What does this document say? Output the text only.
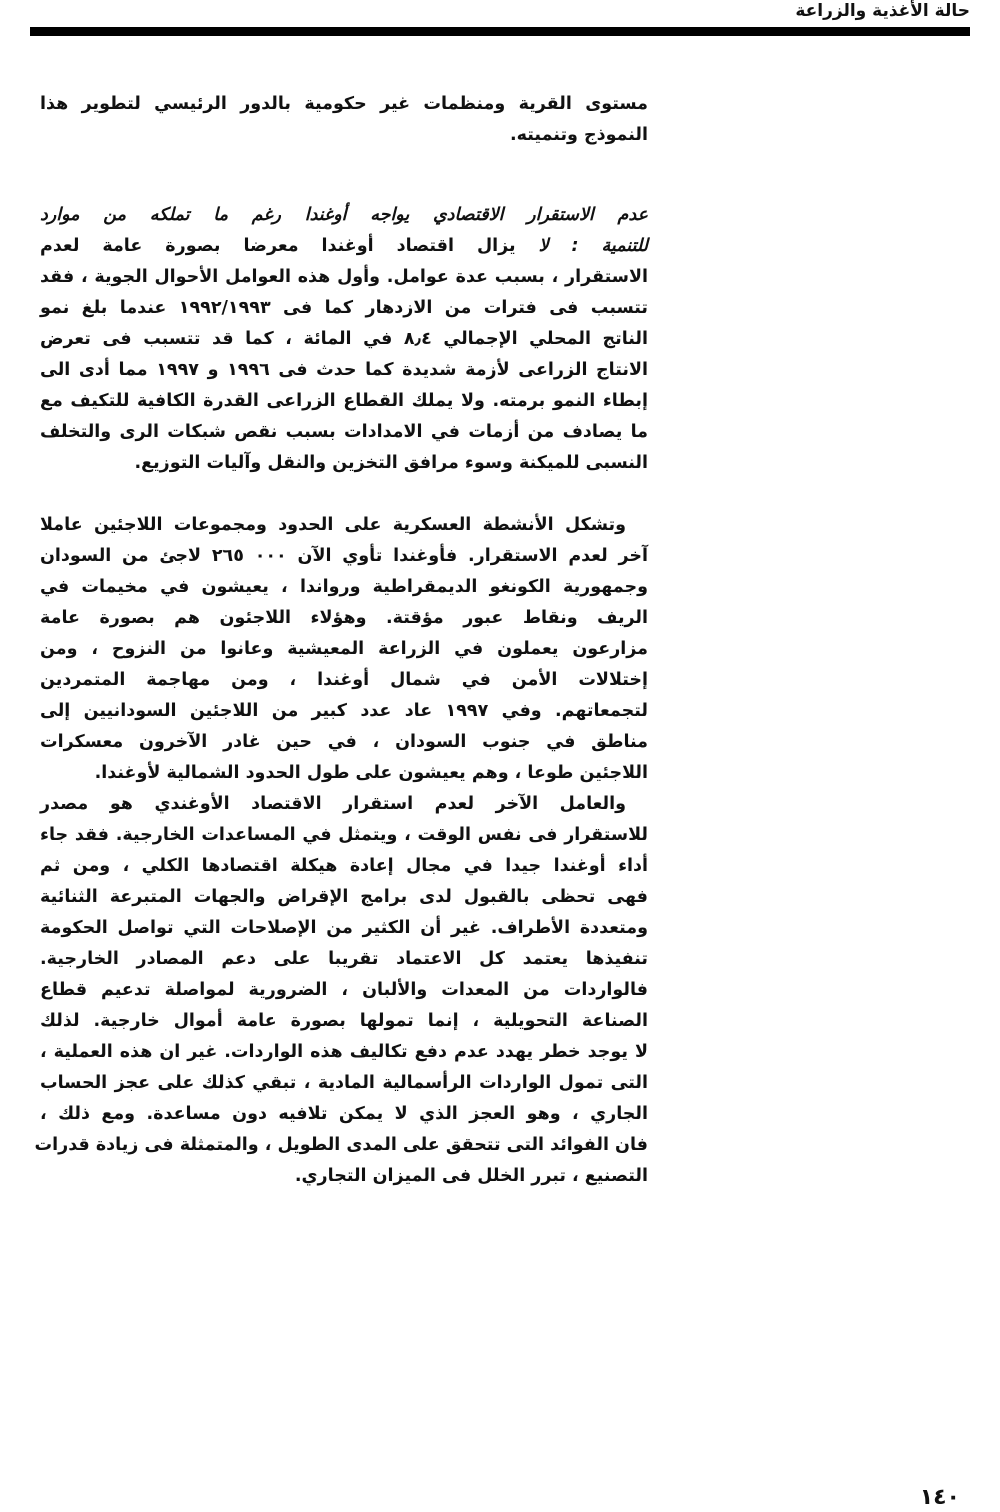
حالة الأغذية والزراعة
مستوى القرية ومنظمات غير حكومية بالدور الرئيسي لتطوير هذا
النموذج وتنميته.
عدم الاستقرار الاقتصادي يواجه أوغندا رغم ما تملكه من موارد
للتنمية : لا يزال اقتصاد أوغندا معرضا بصورة عامة لعدم
الاستقرار ، بسبب عدة عوامل. وأول هذه العوامل الأحوال الجوية ، فقد
تتسبب فى فترات من الازدهار كما فى ١٩٩٢/١٩٩٣ عندما بلغ نمو
الناتج المحلي الإجمالي ٨٫٤ في المائة ، كما قد تتسبب فى تعرض
الانتاج الزراعى لأزمة شديدة كما حدث فى ١٩٩٦ و ١٩٩٧ مما أدى الى
إبطاء النمو برمته. ولا يملك القطاع الزراعى القدرة الكافية للتكيف مع
ما يصادف من أزمات في الامدادات بسبب نقص شبكات الرى والتخلف
النسبى للميكنة وسوء مرافق التخزين والنقل وآليات التوزيع.
وتشكل الأنشطة العسكرية على الحدود ومجموعات اللاجئين عاملا
آخر لعدم الاستقرار. فأوغندا تأوي الآن ٠٠٠ ٢٦٥ لاجئ من السودان
وجمهورية الكونغو الديمقراطية ورواندا ، يعيشون في مخيمات في
الريف ونقاط عبور مؤقتة. وهؤلاء اللاجئون هم بصورة عامة
مزارعون يعملون في الزراعة المعيشية وعانوا من النزوح ، ومن
إختلالات الأمن في شمال أوغندا ، ومن مهاجمة المتمردين
لتجمعاتهم. وفي ١٩٩٧ عاد عدد كبير من اللاجئين السودانيين إلى
مناطق في جنوب السودان ، في حين غادر الآخرون معسكرات
اللاجئين طوعا ، وهم يعيشون على طول الحدود الشمالية لأوغندا.
والعامل الآخر لعدم استقرار الاقتصاد الأوغندي هو مصدر
للاستقرار فى نفس الوقت ، ويتمثل في المساعدات الخارجية. فقد جاء
أداء أوغندا جيدا في مجال إعادة هيكلة اقتصادها الكلي ، ومن ثم
فهى تحظى بالقبول لدى برامج الإقراض والجهات المتبرعة الثنائية
ومتعددة الأطراف. غير أن الكثير من الإصلاحات التي تواصل الحكومة
تنفيذها يعتمد كل الاعتماد تقريبا على دعم المصادر الخارجية.
فالواردات من المعدات والألبان ، الضرورية لمواصلة تدعيم قطاع
الصناعة التحويلية ، إنما تمولها بصورة عامة أموال خارجية. لذلك
لا يوجد خطر يهدد عدم دفع تكاليف هذه الواردات. غير ان هذه العملية ،
التى تمول الواردات الرأسمالية المادية ، تبقي كذلك على عجز الحساب
الجاري ، وهو العجز الذي لا يمكن تلافيه دون مساعدة. ومع ذلك ،
فان الفوائد التى تتحقق على المدى الطويل ، والمتمثلة فى زيادة قدرات
التصنيع ، تبرر الخلل فى الميزان التجاري.
١٤٠
